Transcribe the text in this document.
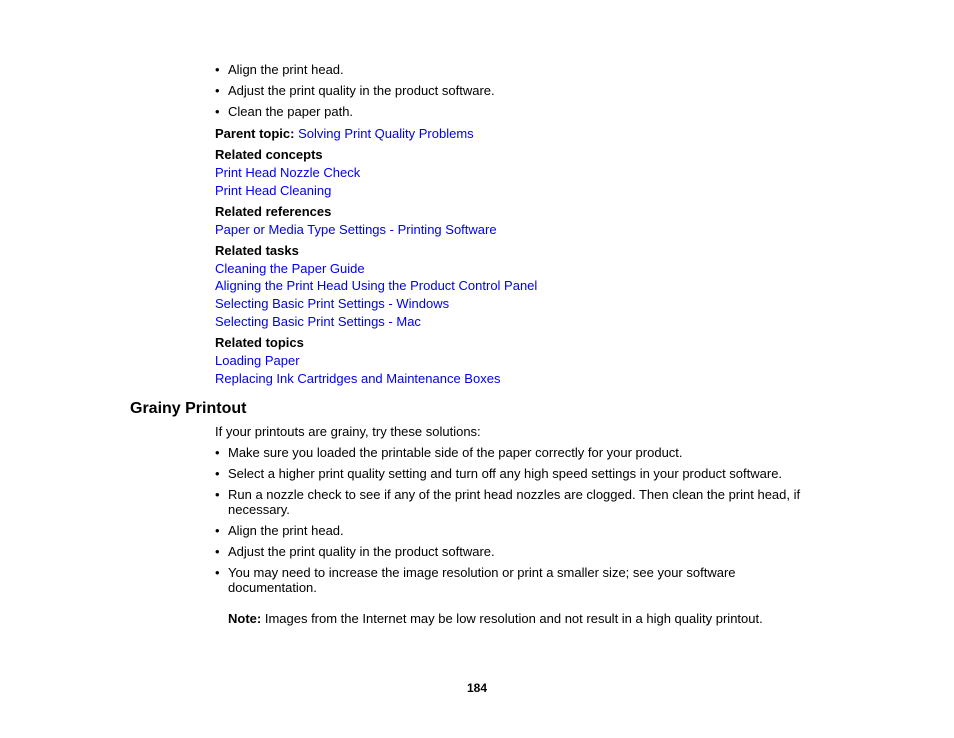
• Align the print head.
• Adjust the print quality in the product software.
• Clean the paper path.
Parent topic: Solving Print Quality Problems
Related concepts
Print Head Nozzle Check
Print Head Cleaning
Related references
Paper or Media Type Settings - Printing Software
Related tasks
Cleaning the Paper Guide
Aligning the Print Head Using the Product Control Panel
Selecting Basic Print Settings - Windows
Selecting Basic Print Settings - Mac
Related topics
Loading Paper
Replacing Ink Cartridges and Maintenance Boxes
Grainy Printout
If your printouts are grainy, try these solutions:
• Make sure you loaded the printable side of the paper correctly for your product.
• Select a higher print quality setting and turn off any high speed settings in your product software.
• Run a nozzle check to see if any of the print head nozzles are clogged. Then clean the print head, if necessary.
• Align the print head.
• Adjust the print quality in the product software.
• You may need to increase the image resolution or print a smaller size; see your software documentation.
Note: Images from the Internet may be low resolution and not result in a high quality printout.
184
